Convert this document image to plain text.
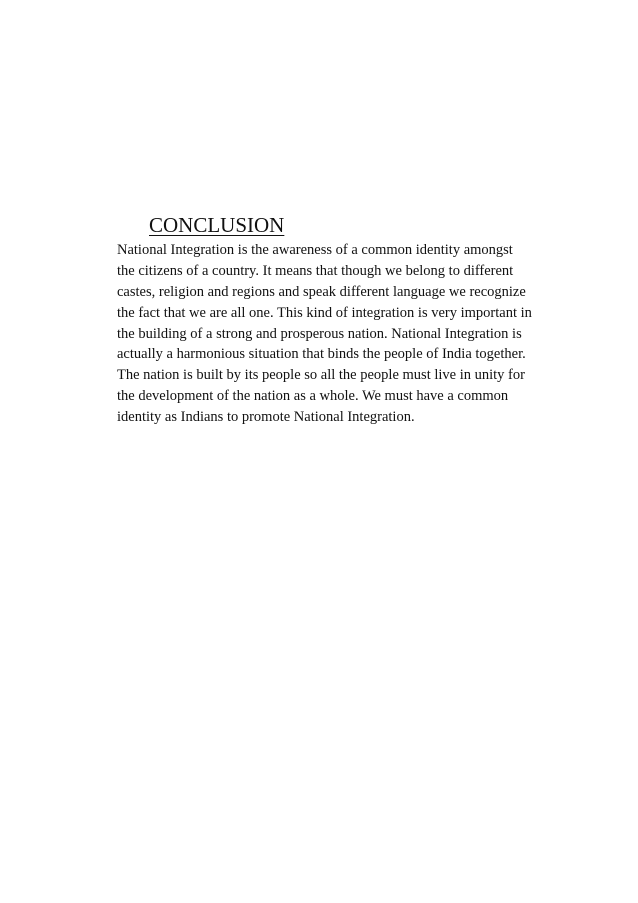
CONCLUSION
National Integration is the awareness of a common identity amongst
the citizens of a country. It means that though we belong to different
castes, religion and regions and speak different language we recognize
the fact that we are all one. This kind of integration is very important in
the building of a strong and prosperous nation. National Integration is
actually a harmonious situation that binds the people of India together.
The nation is built by its people so all the people must live in unity for
the development of the nation as a whole. We must have a common
identity as Indians to promote National Integration.
